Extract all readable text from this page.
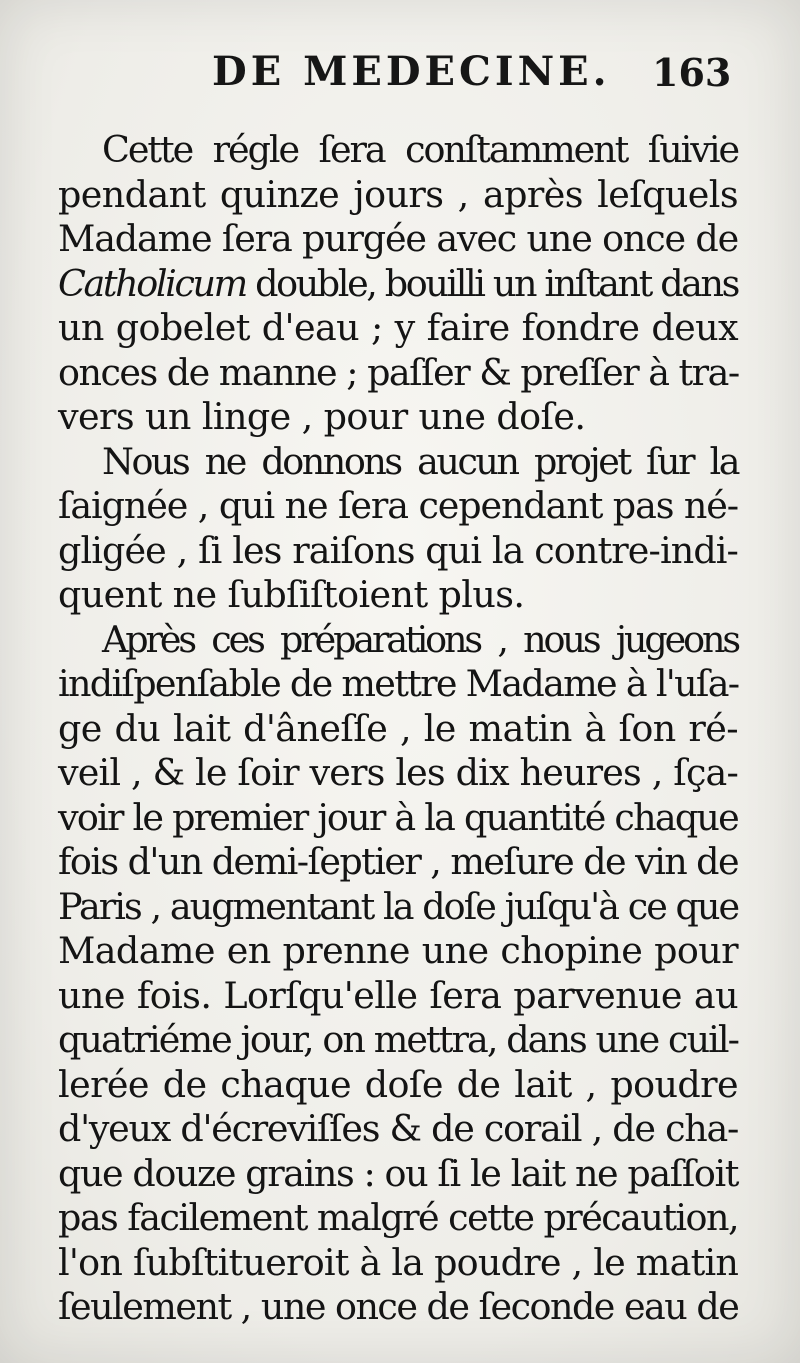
DE MEDECINE. 163
Cette régle ſera conſtamment ſuivie
pendant quinze jours , après leſquels
Madame ſera purgée avec une once de
Catholicum double, bouilli un inſtant dans
un gobelet d'eau ; y faire fondre deux
onces de manne ; paſſer & preſſer à tra-
vers un linge , pour une doſe.
Nous ne donnons aucun projet ſur la
ſaignée , qui ne ſera cependant pas né-
gligée , ſi les raiſons qui la contre-indi-
quent ne ſubſiſtoient plus.
Après ces préparations , nous jugeons
indiſpenſable de mettre Madame à l'uſa-
ge du lait d'âneſſe , le matin à ſon ré-
veil , & le ſoir vers les dix heures , ſça-
voir le premier jour à la quantité chaque
fois d'un demi-ſeptier , meſure de vin de
Paris , augmentant la doſe juſqu'à ce que
Madame en prenne une chopine pour
une fois. Lorſqu'elle ſera parvenue au
quatriéme jour, on mettra, dans une cuil-
lerée de chaque doſe de lait , poudre
d'yeux d'écreviſſes & de corail , de cha-
que douze grains : ou ſi le lait ne paſſoit
pas facilement malgré cette précaution,
l'on ſubſtitueroit à la poudre , le matin
ſeulement , une once de ſeconde eau de
